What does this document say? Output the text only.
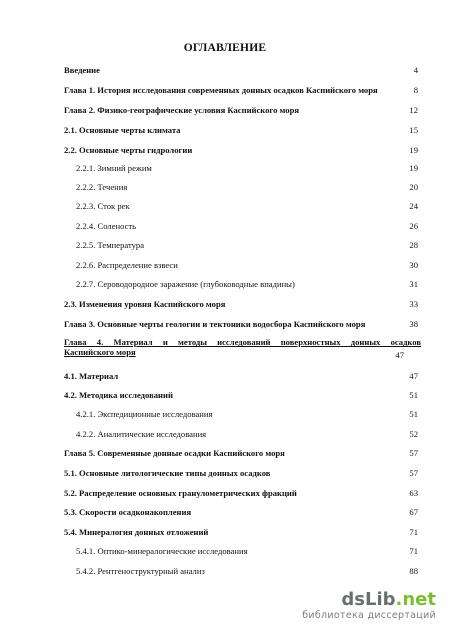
ОГЛАВЛЕНИЕ
Введение	4
Глава 1. История исследования современных донных осадков Каспийского моря	8
Глава 2. Физико-географические условия Каспийского моря	12
2.1. Основные черты климата	15
2.2. Основные черты гидрологии	19
2.2.1. Зимний режим	19
2.2.2. Течения	20
2.2.3. Сток рек	24
2.2.4. Соленость	26
2.2.5. Температура	28
2.2.6. Распределение взвеси	30
2.2.7. Сероводородное заражение (глубоководные впадины)	31
2.3. Изменения уровня Каспийского моря	33
Глава 3. Основные черты геологии и тектоники водосбора Каспийского моря	38
Глава 4. Материал и методы исследований поверхностных донных осадков
Каспийского моря	47
4.1. Материал	47
4.2. Методика исследований	51
4.2.1. Экспедиционные исследования	51
4.2.2. Аналитические исследования	52
Глава 5. Современные донные осадки Каспийского моря	57
5.1. Основные литологические типы донных осадков	57
5.2. Распределение основных гранулометрических фракций	63
5.3. Скорости осадконакопления	67
5.4. Минералогия донных отложений	71
5.4.1. Оптико-минералогические исследования	71
5.4.2. Рентгеноструктурный анализ	88
dsLib.net
библиотека диссертаций
